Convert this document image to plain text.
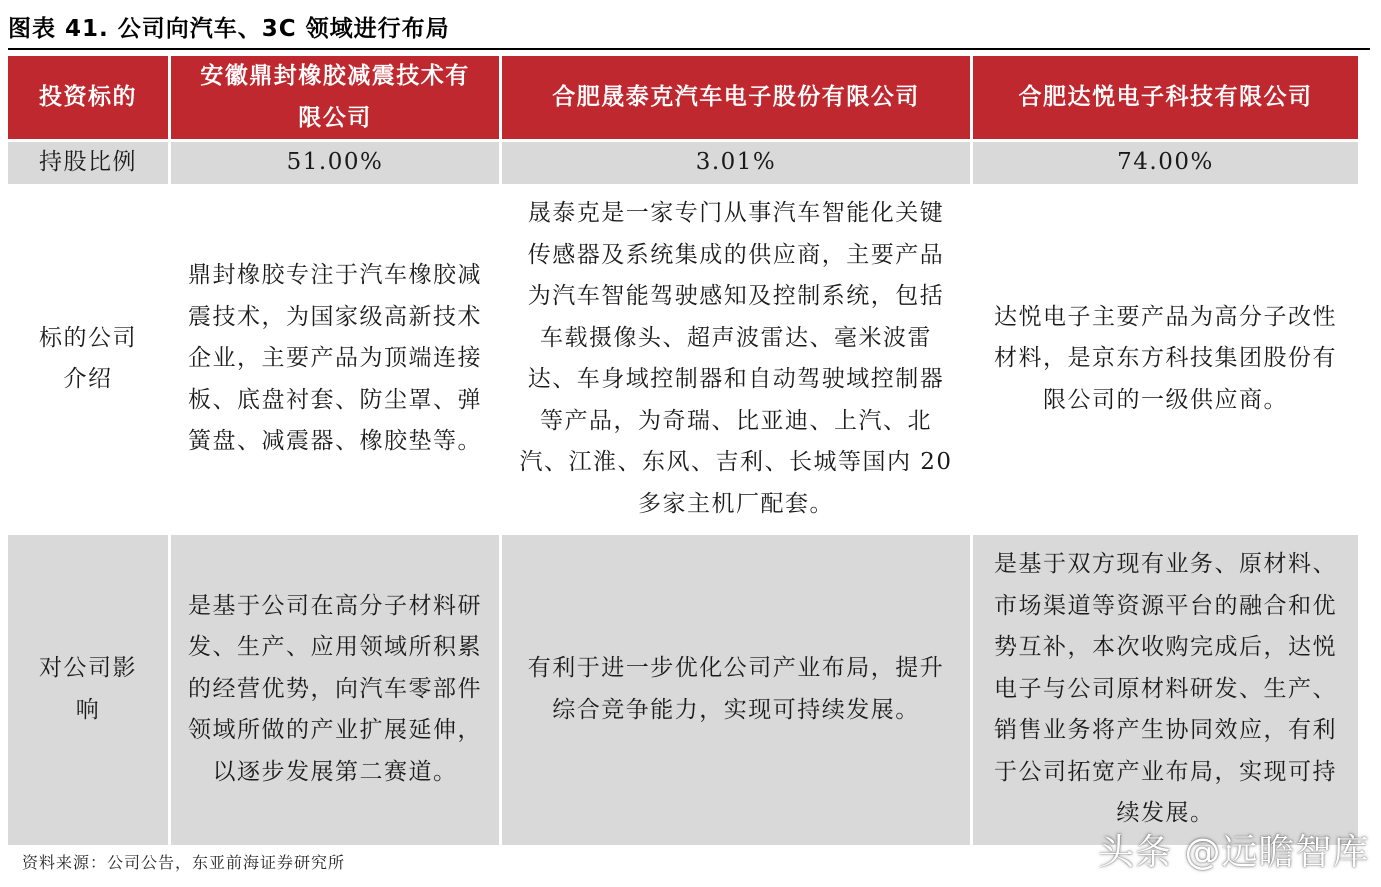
图表 41. 公司向汽车、3C 领域进行布局
投资标的	安徽鼎封橡胶减震技术有限公司	合肥晟泰克汽车电子股份有限公司	合肥达悦电子科技有限公司
持股比例	51.00%	3.01%	74.00%
标的公司介绍	鼎封橡胶专注于汽车橡胶减震技术，为国家级高新技术企业，主要产品为顶端连接板、底盘衬套、防尘罩、弹簧盘、减震器、橡胶垫等。	晟泰克是一家专门从事汽车智能化关键传感器及系统集成的供应商，主要产品为汽车智能驾驶感知及控制系统，包括车载摄像头、超声波雷达、毫米波雷达、车身域控制器和自动驾驶域控制器等产品，为奇瑞、比亚迪、上汽、北汽、江淮、东风、吉利、长城等国内 20 多家主机厂配套。	达悦电子主要产品为高分子改性材料，是京东方科技集团股份有限公司的一级供应商。
对公司影响	是基于公司在高分子材料研发、生产、应用领域所积累的经营优势，向汽车零部件领域所做的产业扩展延伸，以逐步发展第二赛道。	有利于进一步优化公司产业布局，提升综合竞争能力，实现可持续发展。	是基于双方现有业务、原材料、市场渠道等资源平台的融合和优势互补，本次收购完成后，达悦电子与公司原材料研发、生产、销售业务将产生协同效应，有利于公司拓宽产业布局，实现可持续发展。
资料来源：公司公告，东亚前海证券研究所	头条 @远瞻智库
